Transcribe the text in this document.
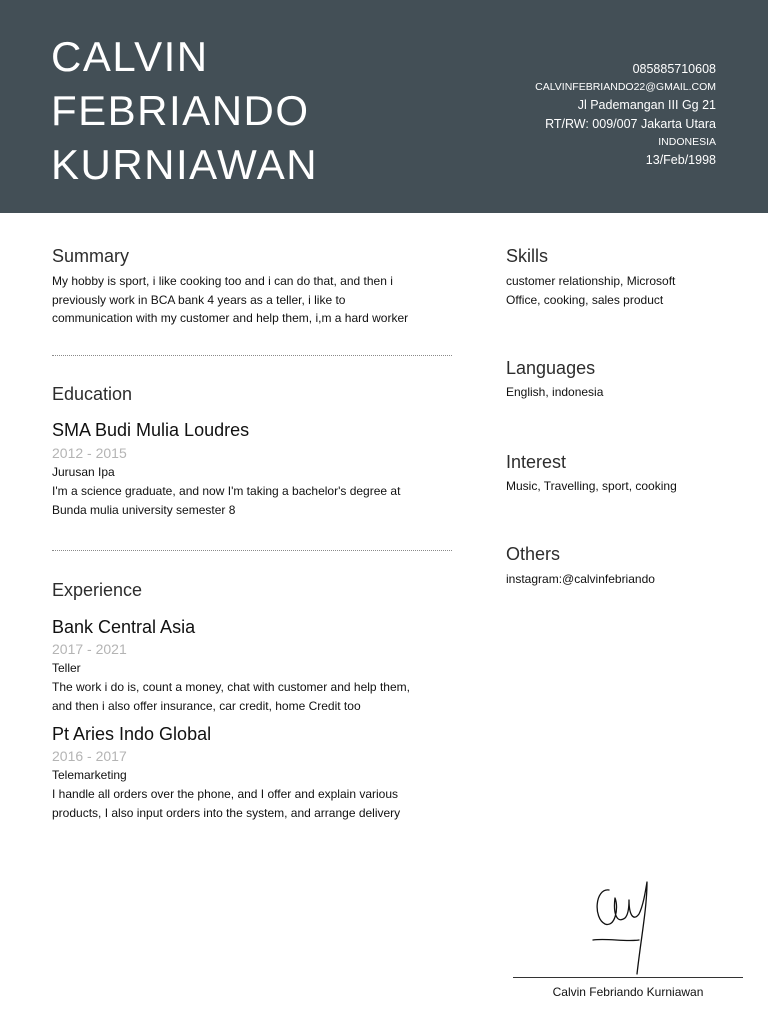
CALVIN
FEBRIANDO
KURNIAWAN
085885710608
CALVINFEBRIANDO22@GMAIL.COM
Jl Pademangan III Gg 21
RT/RW: 009/007 Jakarta Utara
INDONESIA
13/Feb/1998
Summary
My hobby is sport, i like cooking too and i can do that, and then i
previously work in BCA bank 4 years as a teller, i like to
communication with my customer and help them, i,m a hard worker
Education
SMA Budi Mulia Loudres
2012 - 2015
Jurusan Ipa
I'm a science graduate, and now I'm taking a bachelor's degree at
Bunda mulia university semester 8
Experience
Bank Central Asia
2017 - 2021
Teller
The work i do is, count a money, chat with customer and help them,
and then i also offer insurance, car credit, home Credit too
Pt Aries Indo Global
2016 - 2017
Telemarketing
I handle all orders over the phone, and I offer and explain various
products, I also input orders into the system, and arrange delivery
Skills
customer relationship, Microsoft
Office, cooking, sales product
Languages
English, indonesia
Interest
Music, Travelling, sport, cooking
Others
instagram:@calvinfebriando
Calvin Febriando Kurniawan
